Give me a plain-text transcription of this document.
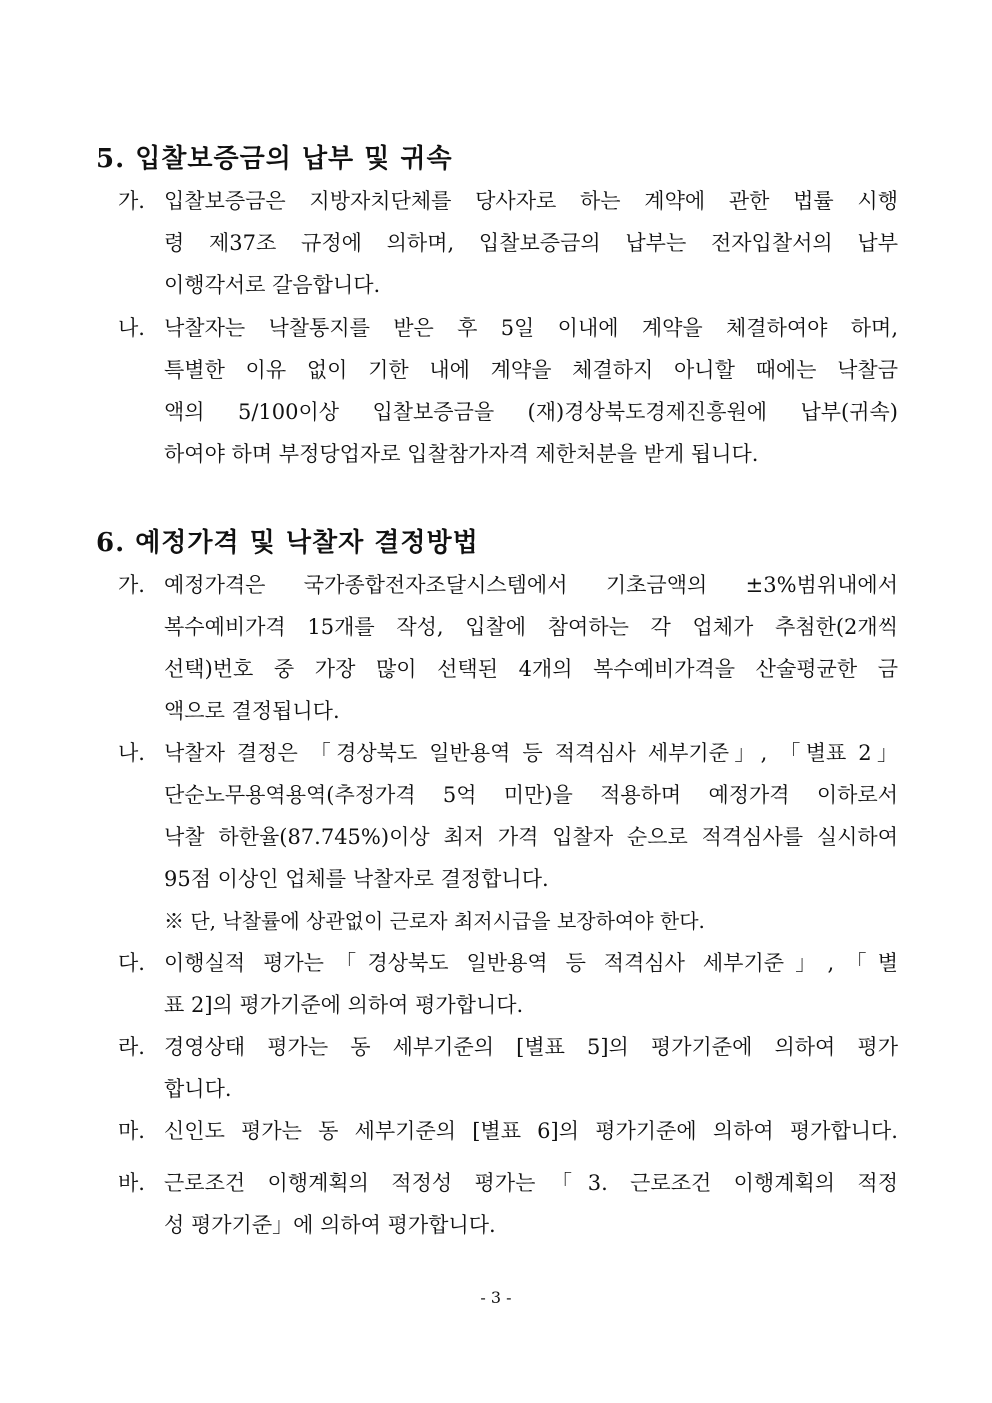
5. 입찰보증금의 납부 및 귀속
가. 입찰보증금은 지방자치단체를 당사자로 하는 계약에 관한 법률 시행
령 제37조 규정에 의하며, 입찰보증금의 납부는 전자입찰서의 납부
이행각서로 갈음합니다.
나. 낙찰자는 낙찰통지를 받은 후 5일 이내에 계약을 체결하여야 하며,
특별한 이유 없이 기한 내에 계약을 체결하지 아니할 때에는 낙찰금
액의 5/100이상 입찰보증금을 (재)경상북도경제진흥원에 납부(귀속)
하여야 하며 부정당업자로 입찰참가자격 제한처분을 받게 됩니다.
6. 예정가격 및 낙찰자 결정방법
가. 예정가격은 국가종합전자조달시스템에서 기초금액의 ±3%범위내에서
복수예비가격 15개를 작성, 입찰에 참여하는 각 업체가 추첨한(2개씩
선택)번호 중 가장 많이 선택된 4개의 복수예비가격을 산술평균한 금
액으로 결정됩니다.
나. 낙찰자 결정은 「경상북도 일반용역 등 적격심사 세부기준」, 「별표 2」
단순노무용역용역(추정가격 5억 미만)을 적용하며 예정가격 이하로서
낙찰 하한율(87.745%)이상 최저 가격 입찰자 순으로 적격심사를 실시하여
95점 이상인 업체를 낙찰자로 결정합니다.
※ 단, 낙찰률에 상관없이 근로자 최저시급을 보장하여야 한다.
다. 이행실적 평가는「경상북도 일반용역 등 적격심사 세부기준」,「별
표 2]의 평가기준에 의하여 평가합니다.
라. 경영상태 평가는 동 세부기준의 [별표 5]의 평가기준에 의하여 평가
합니다.
마. 신인도 평가는 동 세부기준의 [별표 6]의 평가기준에 의하여 평가합니다.
바. 근로조건 이행계획의 적정성 평가는「3. 근로조건 이행계획의 적정
성 평가기준」에 의하여 평가합니다.
- 3 -
